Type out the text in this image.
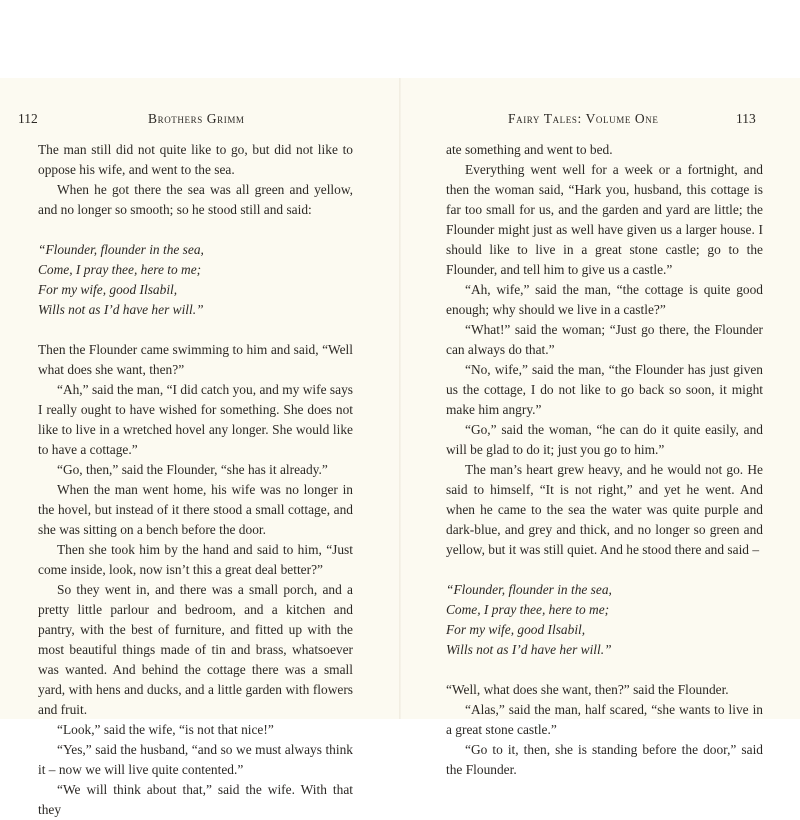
112	Brothers Grimm	Fairy Tales: Volume One	113

The man still did not quite like to go, but did not like to oppose his wife, and went to the sea.

When he got there the sea was all green and yellow, and no longer so smooth; so he stood still and said:

“Flounder, flounder in the sea,
Come, I pray thee, here to me;
For my wife, good Ilsabil,
Wills not as I’d have her will.”

Then the Flounder came swimming to him and said, “Well what does she want, then?”

“Ah,” said the man, “I did catch you, and my wife says I really ought to have wished for something. She does not like to live in a wretched hovel any longer. She would like to have a cottage.”

“Go, then,” said the Flounder, “she has it already.”

When the man went home, his wife was no longer in the hovel, but instead of it there stood a small cottage, and she was sitting on a bench before the door.

Then she took him by the hand and said to him, “Just come inside, look, now isn’t this a great deal better?”

So they went in, and there was a small porch, and a pretty little parlour and bedroom, and a kitchen and pantry, with the best of furniture, and fitted up with the most beautiful things made of tin and brass, whatsoever was wanted. And behind the cottage there was a small yard, with hens and ducks, and a little garden with flowers and fruit.

“Look,” said the wife, “is not that nice!”

“Yes,” said the husband, “and so we must always think it – now we will live quite contented.”

“We will think about that,” said the wife. With that they

ate something and went to bed.

Everything went well for a week or a fortnight, and then the woman said, “Hark you, husband, this cottage is far too small for us, and the garden and yard are little; the Flounder might just as well have given us a larger house. I should like to live in a great stone castle; go to the Flounder, and tell him to give us a castle.”

“Ah, wife,” said the man, “the cottage is quite good enough; why should we live in a castle?”

“What!” said the woman; “Just go there, the Flounder can always do that.”

“No, wife,” said the man, “the Flounder has just given us the cottage, I do not like to go back so soon, it might make him angry.”

“Go,” said the woman, “he can do it quite easily, and will be glad to do it; just you go to him.”

The man’s heart grew heavy, and he would not go. He said to himself, “It is not right,” and yet he went. And when he came to the sea the water was quite purple and dark-blue, and grey and thick, and no longer so green and yellow, but it was still quiet. And he stood there and said –

“Flounder, flounder in the sea,
Come, I pray thee, here to me;
For my wife, good Ilsabil,
Wills not as I’d have her will.”

“Well, what does she want, then?” said the Flounder.

“Alas,” said the man, half scared, “she wants to live in a great stone castle.”

“Go to it, then, she is standing before the door,” said the Flounder.
